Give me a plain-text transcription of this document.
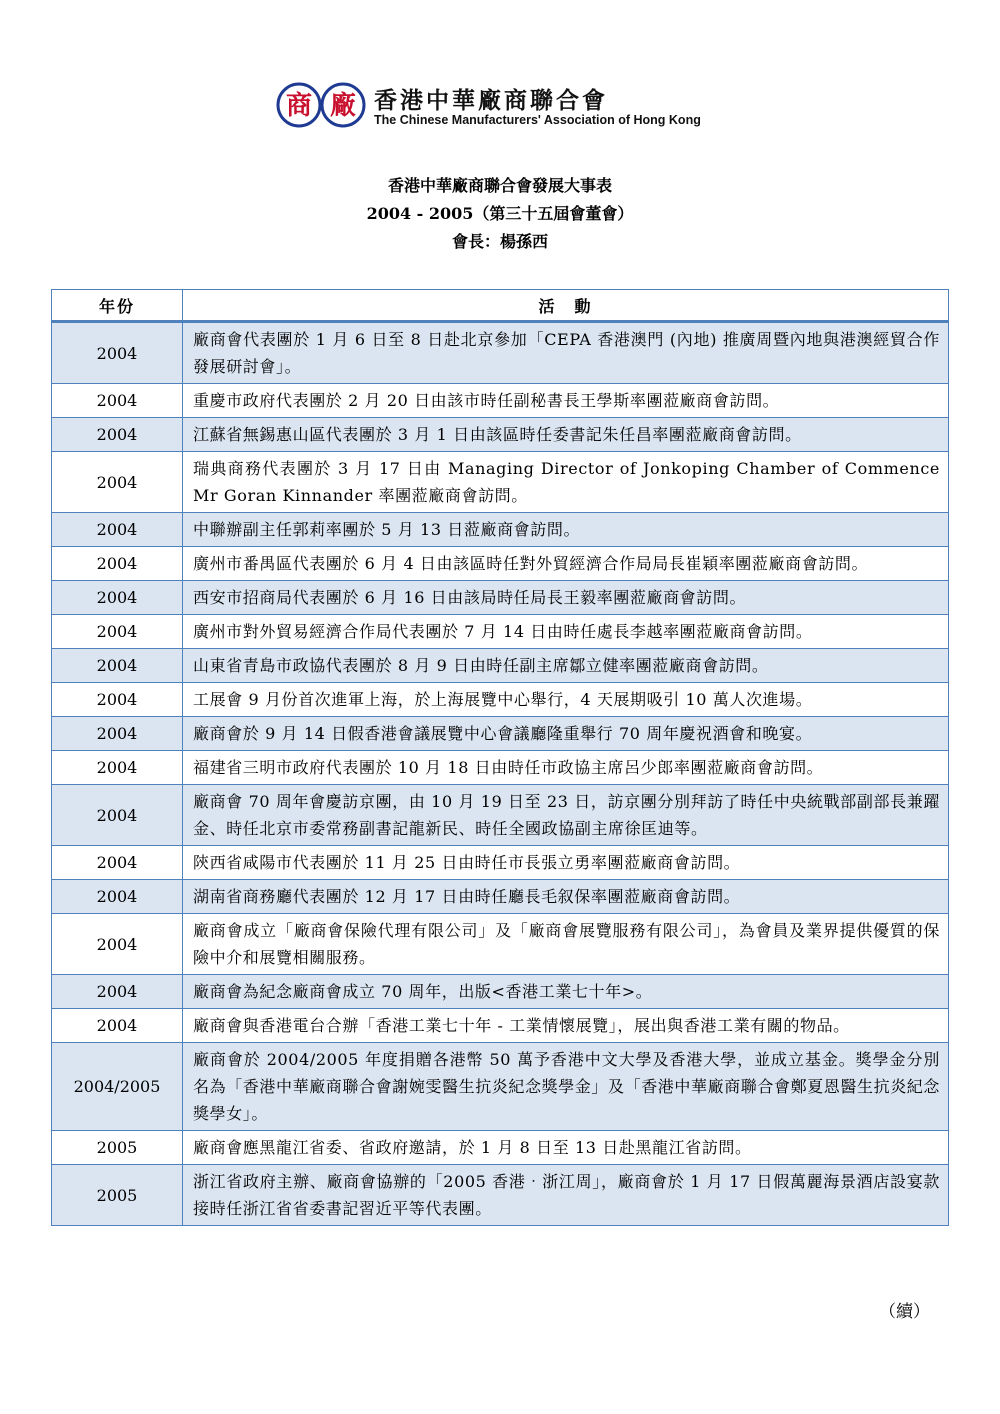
商 廠 香港中華廠商聯合會
The Chinese Manufacturers' Association of Hong Kong
香港中華廠商聯合會發展大事表
2004 - 2005（第三十五屆會董會）
會長：楊孫西
年份	活　動
2004	廠商會代表團於 1 月 6 日至 8 日赴北京參加「CEPA 香港澳門 (內地) 推廣周暨內地與港澳經貿合作發展研討會」。
2004	重慶市政府代表團於 2 月 20 日由該市時任副秘書長王學斯率團蒞廠商會訪問。
2004	江蘇省無錫惠山區代表團於 3 月 1 日由該區時任委書記朱任昌率團蒞廠商會訪問。
2004	瑞典商務代表團於 3 月 17 日由 Managing Director of Jonkoping Chamber of Commence Mr Goran Kinnander 率團蒞廠商會訪問。
2004	中聯辦副主任郭莉率團於 5 月 13 日蒞廠商會訪問。
2004	廣州市番禺區代表團於 6 月 4 日由該區時任對外貿經濟合作局局長崔穎率團蒞廠商會訪問。
2004	西安市招商局代表團於 6 月 16 日由該局時任局長王毅率團蒞廠商會訪問。
2004	廣州市對外貿易經濟合作局代表團於 7 月 14 日由時任處長李越率團蒞廠商會訪問。
2004	山東省青島市政協代表團於 8 月 9 日由時任副主席鄒立健率團蒞廠商會訪問。
2004	工展會 9 月份首次進軍上海，於上海展覽中心舉行，4 天展期吸引 10 萬人次進場。
2004	廠商會於 9 月 14 日假香港會議展覽中心會議廳隆重舉行 70 周年慶祝酒會和晚宴。
2004	福建省三明市政府代表團於 10 月 18 日由時任市政協主席呂少郎率團蒞廠商會訪問。
2004	廠商會 70 周年會慶訪京團，由 10 月 19 日至 23 日，訪京團分別拜訪了時任中央統戰部副部長兼躍金、時任北京市委常務副書記龍新民、時任全國政協副主席徐匡迪等。
2004	陝西省咸陽市代表團於 11 月 25 日由時任市長張立勇率團蒞廠商會訪問。
2004	湖南省商務廳代表團於 12 月 17 日由時任廳長毛叙保率團蒞廠商會訪問。
2004	廠商會成立「廠商會保險代理有限公司」及「廠商會展覽服務有限公司」，為會員及業界提供優質的保險中介和展覽相關服務。
2004	廠商會為紀念廠商會成立 70 周年，出版<香港工業七十年>。
2004	廠商會與香港電台合辦「香港工業七十年 - 工業情懷展覽」，展出與香港工業有關的物品。
2004/2005	廠商會於 2004/2005 年度捐贈各港幣 50 萬予香港中文大學及香港大學，並成立基金。獎學金分別名為「香港中華廠商聯合會謝婉雯醫生抗炎紀念獎學金」及「香港中華廠商聯合會鄭夏恩醫生抗炎紀念獎學女」。
2005	廠商會應黑龍江省委、省政府邀請，於 1 月 8 日至 13 日赴黑龍江省訪問。
2005	浙江省政府主辦、廠商會協辦的「2005 香港‧浙江周」，廠商會於 1 月 17 日假萬麗海景酒店設宴款接時任浙江省省委書記習近平等代表團。
（續）
